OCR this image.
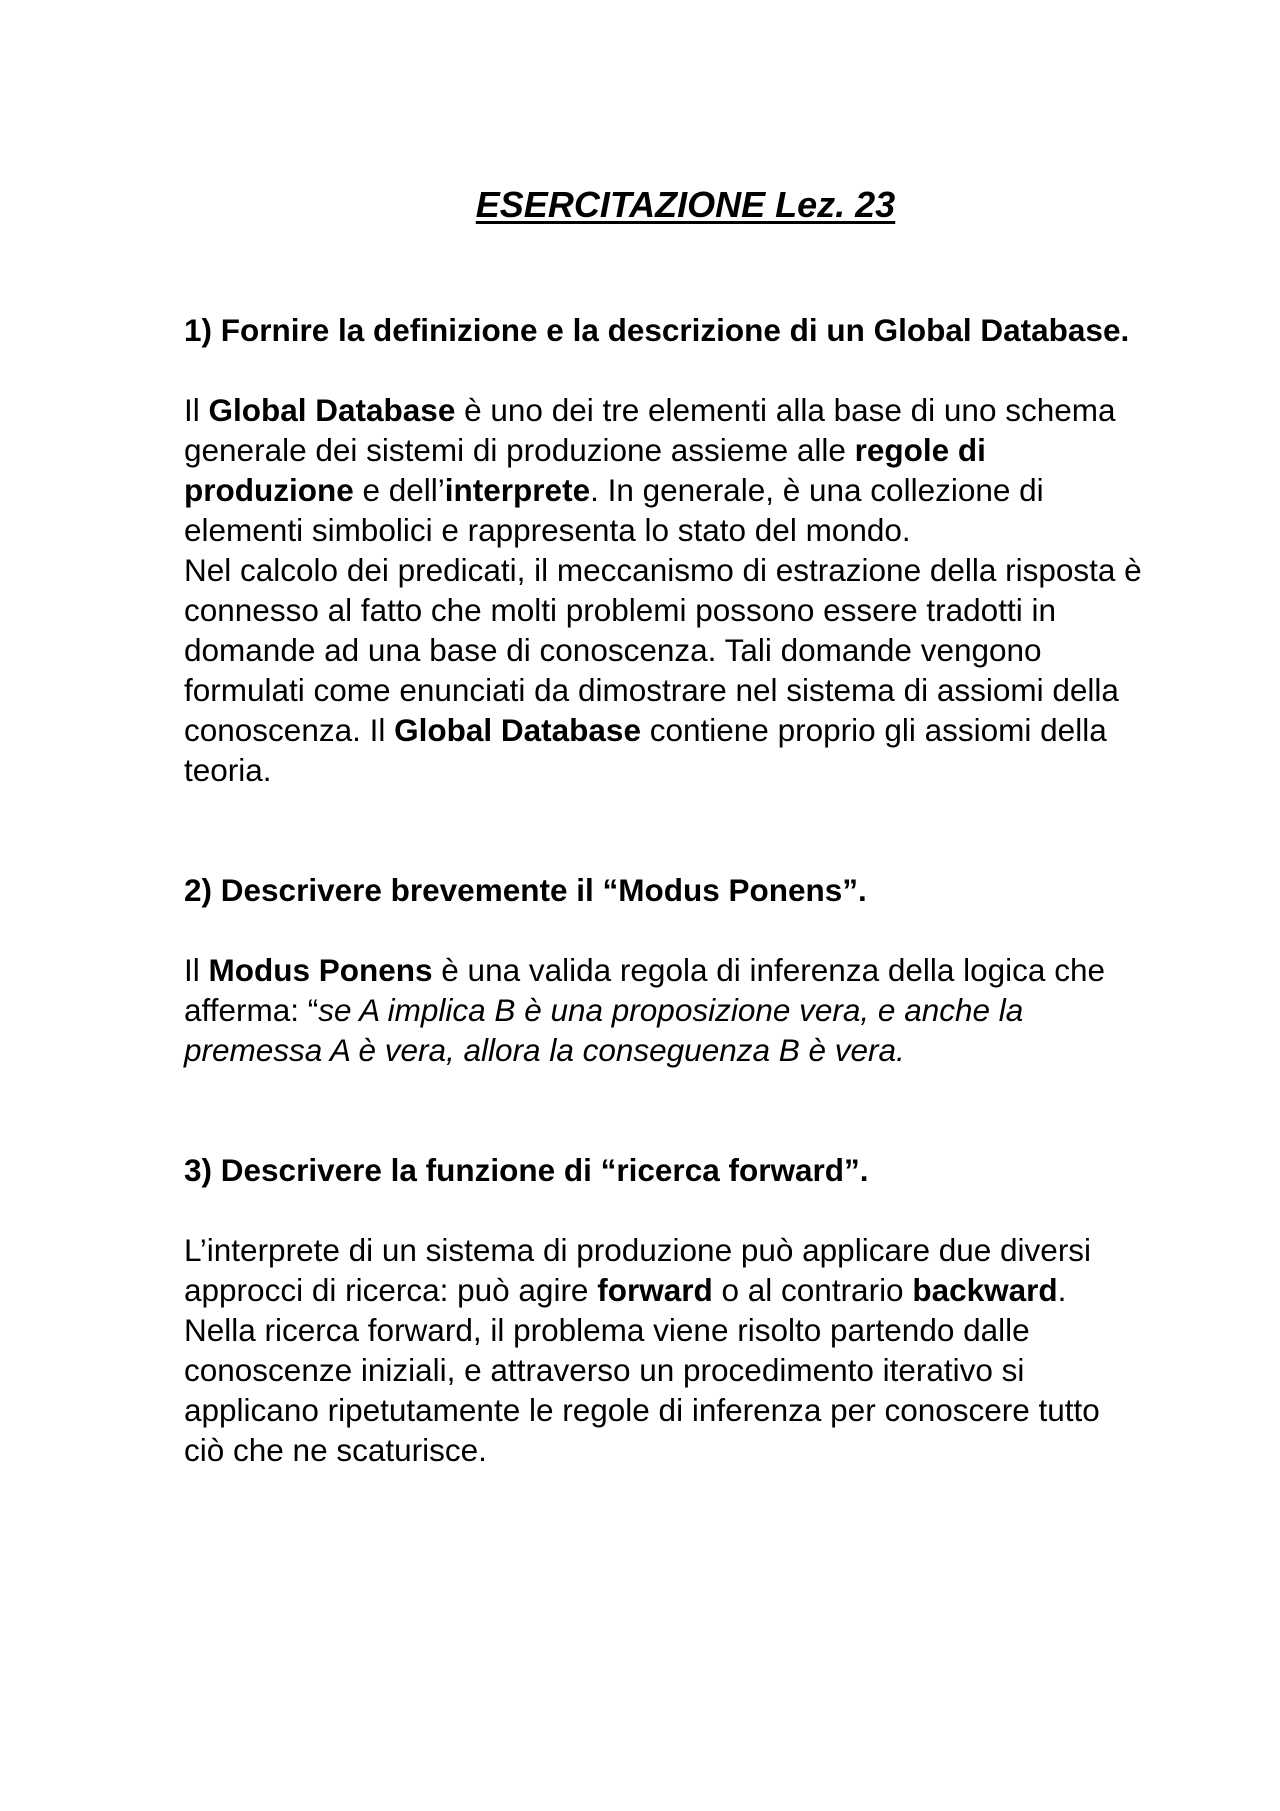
ESERCITAZIONE Lez. 23

1) Fornire la definizione e la descrizione di un Global Database.

Il Global Database è uno dei tre elementi alla base di uno schema generale dei sistemi di produzione assieme alle regole di produzione e dell’interprete. In generale, è una collezione di elementi simbolici e rappresenta lo stato del mondo.

Nel calcolo dei predicati, il meccanismo di estrazione della risposta è connesso al fatto che molti problemi possono essere tradotti in domande ad una base di conoscenza. Tali domande vengono formulati come enunciati da dimostrare nel sistema di assiomi della conoscenza. Il Global Database contiene proprio gli assiomi della teoria.

2) Descrivere brevemente il “Modus Ponens”.

Il Modus Ponens è una valida regola di inferenza della logica che afferma: “se A implica B è una proposizione vera, e anche la premessa A è vera, allora la conseguenza B è vera.

3) Descrivere la funzione di “ricerca forward”.

L’interprete di un sistema di produzione può applicare due diversi approcci di ricerca: può agire forward o al contrario backward. Nella ricerca forward, il problema viene risolto partendo dalle conoscenze iniziali, e attraverso un procedimento iterativo si applicano ripetutamente le regole di inferenza per conoscere tutto ciò che ne scaturisce.
